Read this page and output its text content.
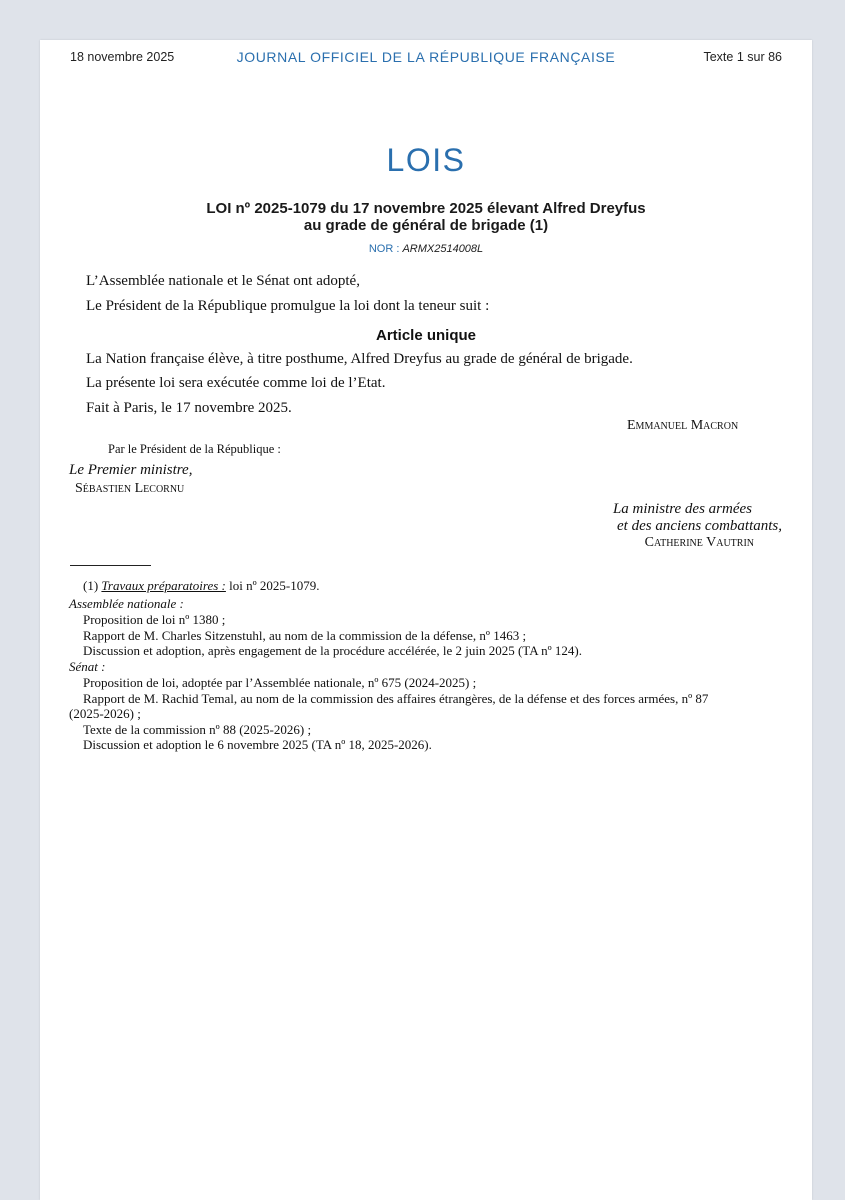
18 novembre 2025	JOURNAL OFFICIEL DE LA RÉPUBLIQUE FRANÇAISE	Texte 1 sur 86
LOIS
LOI nº 2025-1079 du 17 novembre 2025 élevant Alfred Dreyfus
au grade de général de brigade (1)
NOR : ARMX2514008L
L’Assemblée nationale et le Sénat ont adopté,
Le Président de la République promulgue la loi dont la teneur suit :
Article unique
La Nation française élève, à titre posthume, Alfred Dreyfus au grade de général de brigade.
La présente loi sera exécutée comme loi de l’Etat.
Fait à Paris, le 17 novembre 2025.
Emmanuel Macron
Par le Président de la République :
Le Premier ministre,
Sébastien Lecornu
La ministre des armées
et des anciens combattants,
Catherine Vautrin
(1) Travaux préparatoires : loi nº 2025-1079.
Assemblée nationale :
Proposition de loi nº 1380 ;
Rapport de M. Charles Sitzenstuhl, au nom de la commission de la défense, nº 1463 ;
Discussion et adoption, après engagement de la procédure accélérée, le 2 juin 2025 (TA nº 124).
Sénat :
Proposition de loi, adoptée par l’Assemblée nationale, nº 675 (2024-2025) ;
Rapport de M. Rachid Temal, au nom de la commission des affaires étrangères, de la défense et des forces armées, nº 87
(2025-2026) ;
Texte de la commission nº 88 (2025-2026) ;
Discussion et adoption le 6 novembre 2025 (TA nº 18, 2025-2026).
